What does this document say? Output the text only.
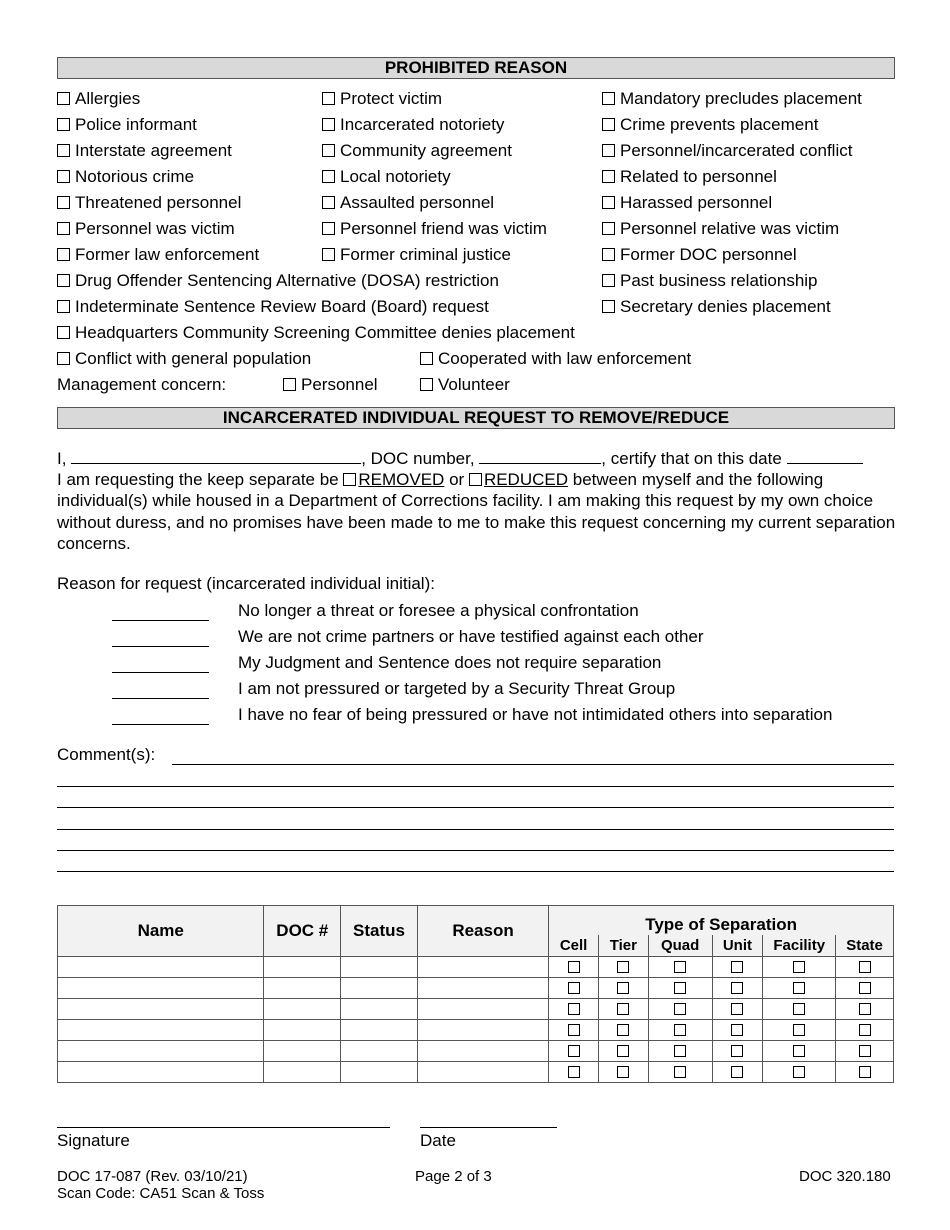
PROHIBITED REASON
Allergies	Protect victim	Mandatory precludes placement
Police informant	Incarcerated notoriety	Crime prevents placement
Interstate agreement	Community agreement	Personnel/incarcerated conflict
Notorious crime	Local notoriety	Related to personnel
Threatened personnel	Assaulted personnel	Harassed personnel
Personnel was victim	Personnel friend was victim	Personnel relative was victim
Former law enforcement	Former criminal justice	Former DOC personnel
Drug Offender Sentencing Alternative (DOSA) restriction	Past business relationship
Indeterminate Sentence Review Board (Board) request	Secretary denies placement
Headquarters Community Screening Committee denies placement
Conflict with general population	Cooperated with law enforcement
Management concern:	Personnel	Volunteer
INCARCERATED INDIVIDUAL REQUEST TO REMOVE/REDUCE
I,	, DOC number,	, certify that on this date
I am requesting the keep separate be REMOVED or REDUCED between myself and the following individual(s) while housed in a Department of Corrections facility. I am making this request by my own choice without duress, and no promises have been made to me to make this request concerning my current separation concerns.
Reason for request (incarcerated individual initial):
No longer a threat or foresee a physical confrontation
We are not crime partners or have testified against each other
My Judgment and Sentence does not require separation
I am not pressured or targeted by a Security Threat Group
I have no fear of being pressured or have not intimidated others into separation
Comment(s):
Name	DOC #	Status	Reason	Type of Separation					
				Cell	Tier	Quad	Unit	Facility	State

Signature	Date
DOC 17-087 (Rev. 03/10/21)
Scan Code: CA51 Scan & Toss
Page 2 of 3	DOC 320.180
